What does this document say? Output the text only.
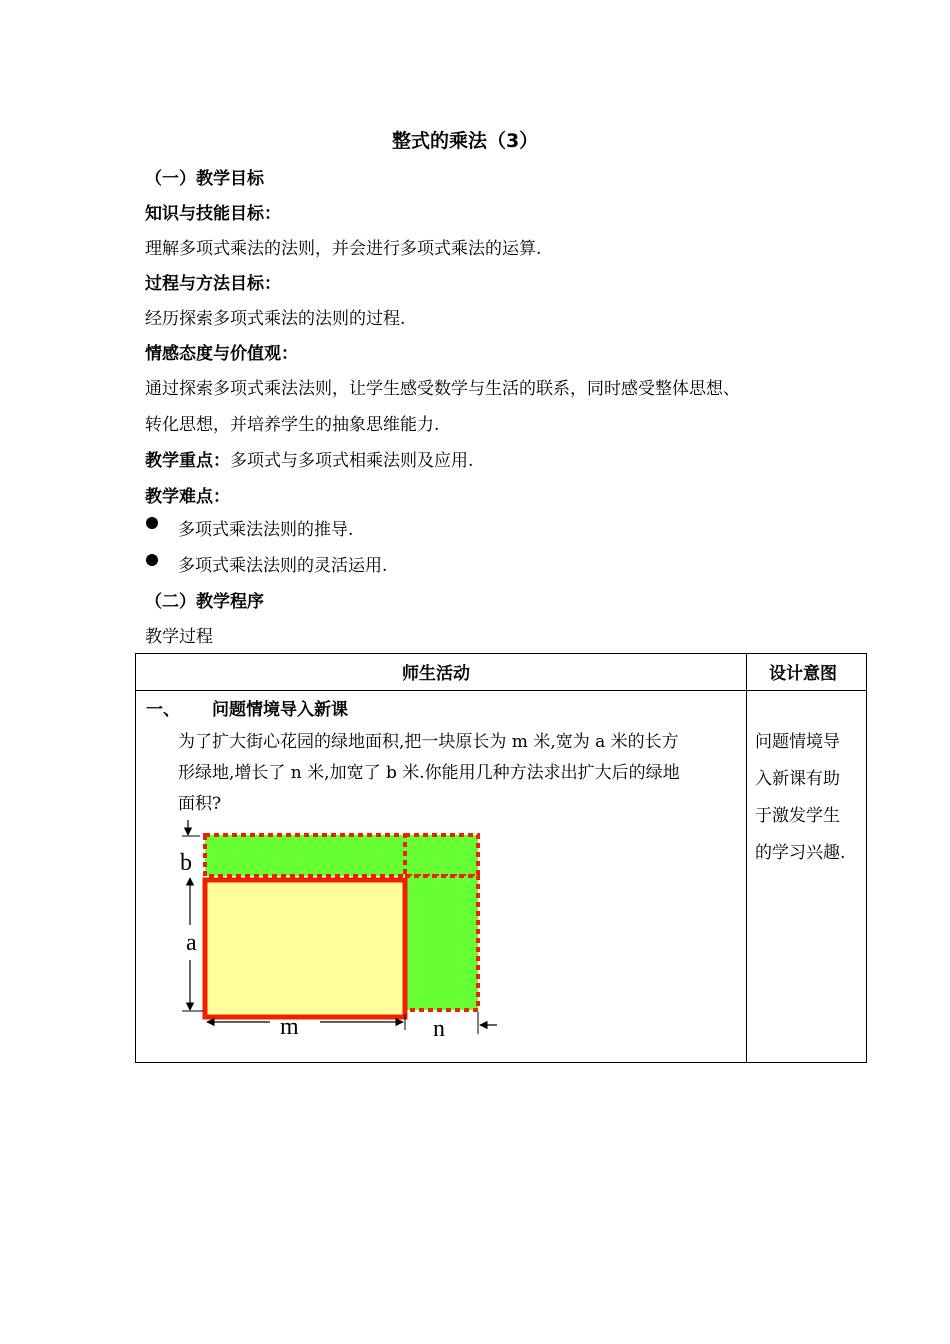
整式的乘法（3）
（一）教学目标
知识与技能目标：
理解多项式乘法的法则，并会进行多项式乘法的运算.
过程与方法目标：
经历探索多项式乘法的法则的过程.
情感态度与价值观：
通过探索多项式乘法法则，让学生感受数学与生活的联系，同时感受整体思想、
转化思想，并培养学生的抽象思维能力.
教学重点：多项式与多项式相乘法则及应用.
教学难点：
多项式乘法法则的推导.
多项式乘法法则的灵活运用.
（二）教学程序
教学过程
师生活动	设计意图
一、 问题情境导入新课
为了扩大街心花园的绿地面积,把一块原长为 m 米,宽为 a 米的长方
形绿地,增长了 n 米,加宽了 b 米.你能用几种方法求出扩大后的绿地
面积?
问题情境导
入新课有助
于激发学生
的学习兴趣.
b
a
m	n
